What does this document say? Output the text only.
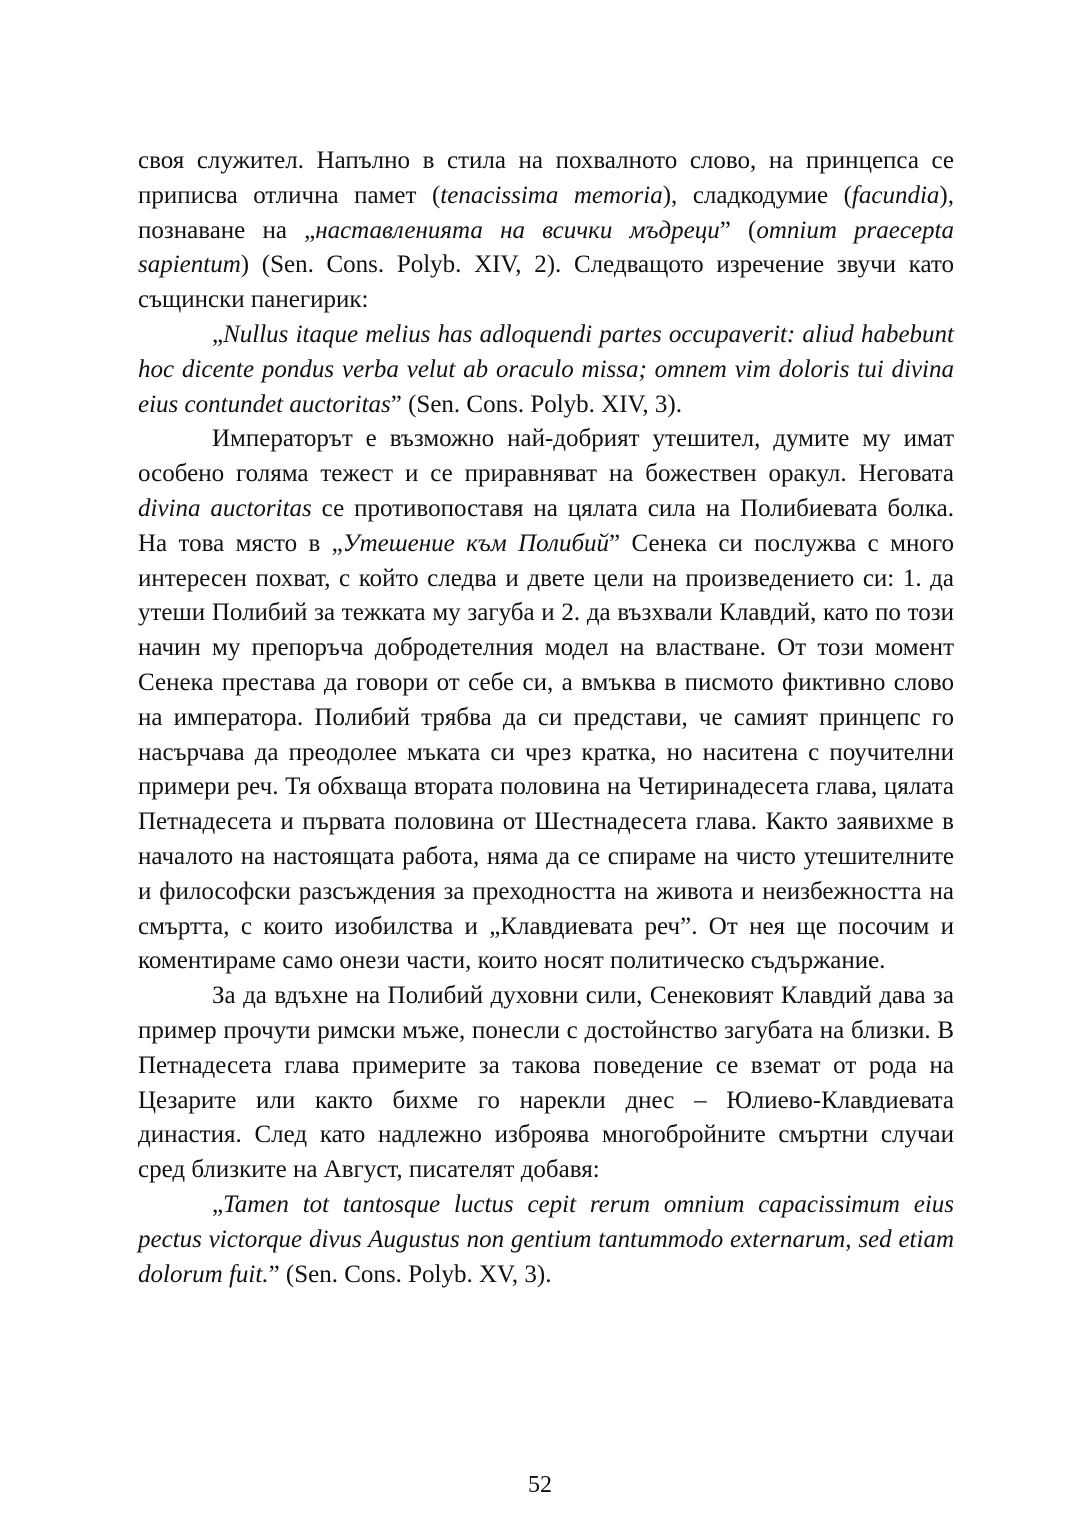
своя служител. Напълно в стила на похвалното слово, на принцепса се приписва отлична памет (tenacissima memoria), сладкодумие (facundia), познаване на „наставленията на всички мъдреци” (omnium praecepta sapientum) (Sen. Cons. Polyb. XIV, 2). Следващото изречение звучи като същински панегирик:

„Nullus itaque melius has adloquendi partes occupaverit: aliud habebunt hoc dicente pondus verba velut ab oraculo missa; omnem vim doloris tui divina eius contundet auctoritas” (Sen. Cons. Polyb. XIV, 3).

Императорът е възможно най-добрият утешител, думите му имат особено голяма тежест и се приравняват на божествен оракул. Неговата divina auctoritas се противопоставя на цялата сила на Полибиевата болка. На това място в „Утешение към Полибий” Сенека си послужва с много интересен похват, с който следва и двете цели на произведението си: 1. да утеши Полибий за тежката му загуба и 2. да възхвали Клавдий, като по този начин му препоръча добродетелния модел на властване. От този момент Сенека престава да говори от себе си, а вмъква в писмото фиктивно слово на императора. Полибий трябва да си представи, че самият принцепс го насърчава да преодолее мъката си чрез кратка, но наситена с поучителни примери реч. Тя обхваща втората половина на Четиринадесета глава, цялата Петнадесета и първата половина от Шестнадесета глава. Както заявихме в началото на настоящата работа, няма да се спираме на чисто утешителните и философски разсъждения за преходността на живота и неизбежността на смъртта, с които изобилства и „Клавдиевата реч”. От нея ще посочим и коментираме само онези части, които носят политическо съдържание.

За да вдъхне на Полибий духовни сили, Сенековият Клавдий дава за пример прочути римски мъже, понесли с достойнство загубата на близки. В Петнадесета глава примерите за такова поведение се вземат от рода на Цезарите или както бихме го нарекли днес – Юлиево-Клавдиевата династия. След като надлежно изброява многобройните смъртни случаи сред близките на Август, писателят добавя:

„Tamen tot tantosque luctus cepit rerum omnium capacissimum eius pectus victorque divus Augustus non gentium tantummodo externarum, sed etiam dolorum fuit.” (Sen. Cons. Polyb. XV, 3).

52
